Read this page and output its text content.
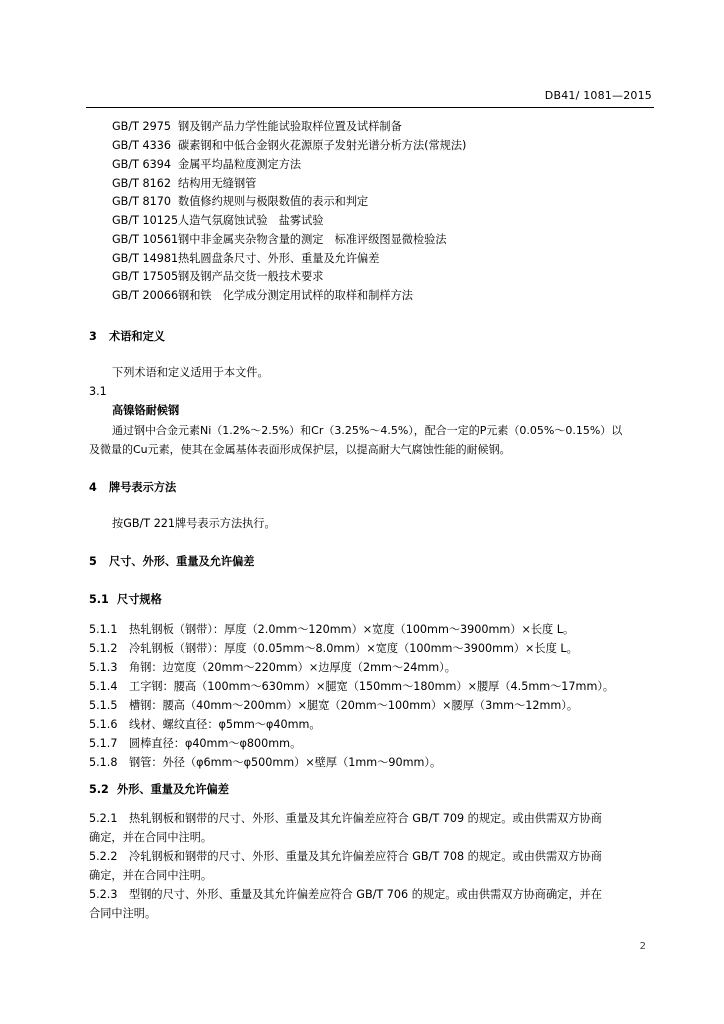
DB41/ 1081—2015
GB/T 2975 钢及钢产品力学性能试验取样位置及试样制备
GB/T 4336 碳素钢和中低合金钢火花源原子发射光谱分析方法(常规法)
GB/T 6394 金属平均晶粒度测定方法
GB/T 8162 结构用无缝钢管
GB/T 8170 数值修约规则与极限数值的表示和判定
GB/T 10125人造气氛腐蚀试验　盐雾试验
GB/T 10561钢中非金属夹杂物含量的测定　标准评级图显微检验法
GB/T 14981热轧圆盘条尺寸、外形、重量及允许偏差
GB/T 17505钢及钢产品交货一般技术要求
GB/T 20066钢和铁　化学成分测定用试样的取样和制样方法
3 术语和定义
下列术语和定义适用于本文件。
3.1
高镍铬耐候钢
通过钢中合金元素Ni（1.2%～2.5%）和Cr（3.25%～4.5%），配合一定的P元素（0.05%～0.15%）以
及微量的Cu元素，使其在金属基体表面形成保护层，以提高耐大气腐蚀性能的耐候钢。
4 牌号表示方法
按GB/T 221牌号表示方法执行。
5 尺寸、外形、重量及允许偏差
5.1 尺寸规格
5.1.1 热轧钢板（钢带）：厚度（2.0mm～120mm）×宽度（100mm～3900mm）×长度 L。
5.1.2 冷轧钢板（钢带）：厚度（0.05mm～8.0mm）×宽度（100mm～3900mm）×长度 L。
5.1.3 角钢：边宽度（20mm～220mm）×边厚度（2mm～24mm）。
5.1.4 工字钢：腰高（100mm～630mm）×腿宽（150mm～180mm）×腰厚（4.5mm～17mm）。
5.1.5 槽钢：腰高（40mm～200mm）×腿宽（20mm～100mm）×腰厚（3mm～12mm）。
5.1.6 线材、螺纹直径：φ5mm～φ40mm。
5.1.7 圆棒直径：φ40mm～φ800mm。
5.1.8 钢管：外径（φ6mm～φ500mm）×壁厚（1mm～90mm）。
5.2 外形、重量及允许偏差
5.2.1 热轧钢板和钢带的尺寸、外形、重量及其允许偏差应符合 GB/T 709 的规定。或由供需双方协商
确定，并在合同中注明。
5.2.2 冷轧钢板和钢带的尺寸、外形、重量及其允许偏差应符合 GB/T 708 的规定。或由供需双方协商
确定，并在合同中注明。
5.2.3 型钢的尺寸、外形、重量及其允许偏差应符合 GB/T 706 的规定。或由供需双方协商确定，并在
合同中注明。
2
